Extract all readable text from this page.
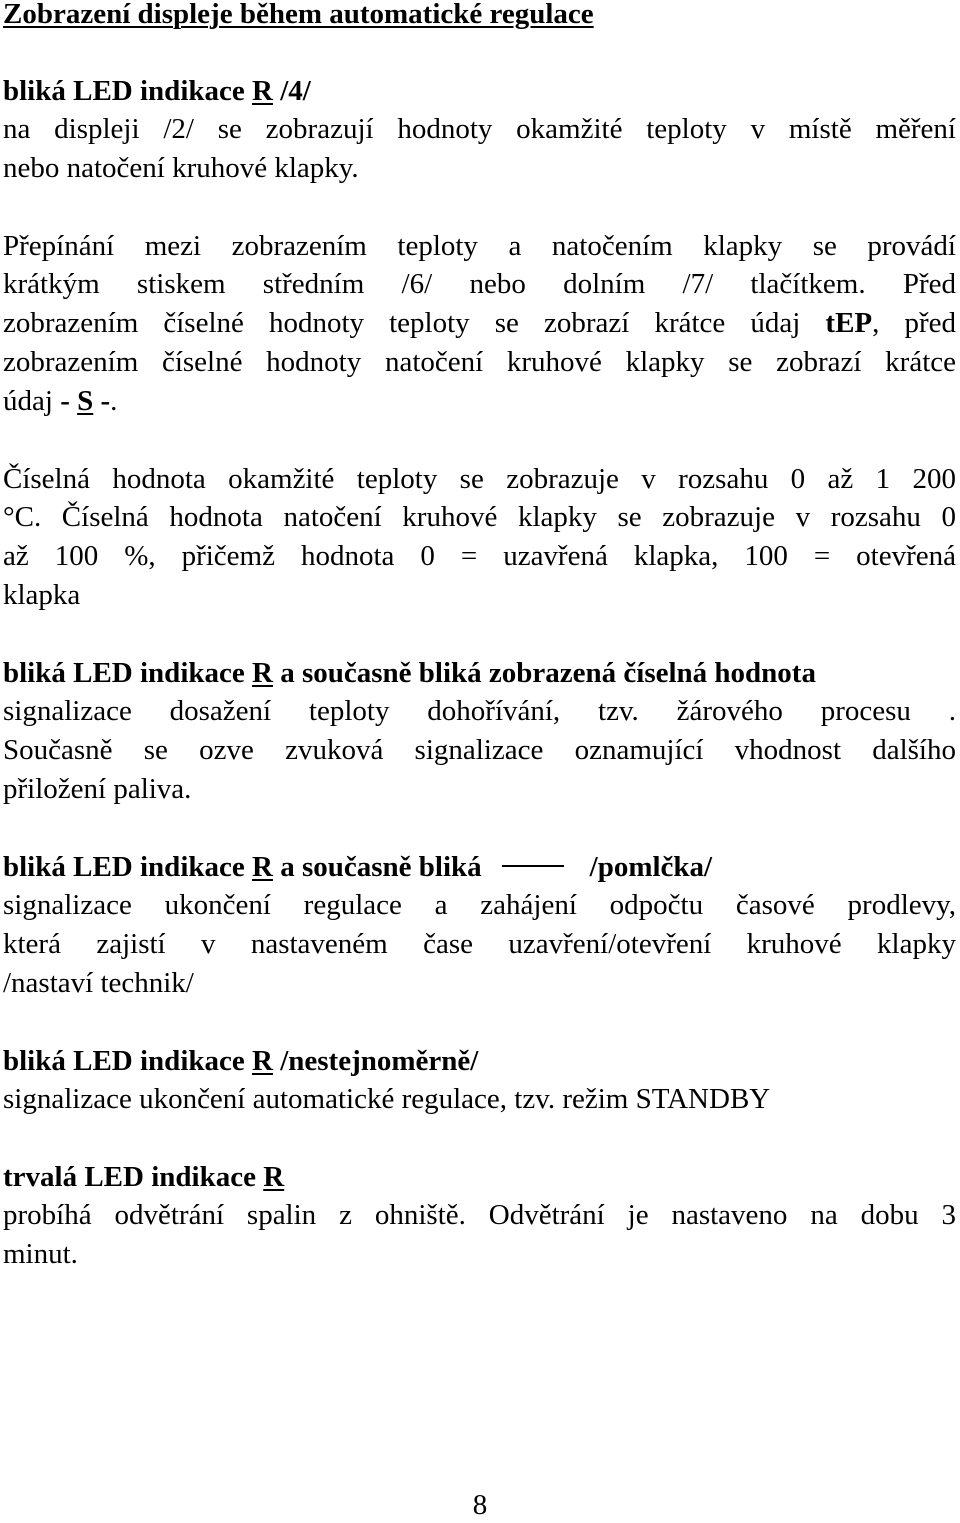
Zobrazení displeje během automatické regulace
bliká LED indikace R /4/
na displeji /2/ se zobrazují hodnoty okamžité teploty v místě měření
nebo natočení kruhové klapky.
Přepínání mezi zobrazením teploty a natočením klapky se provádí
krátkým stiskem středním /6/ nebo dolním /7/ tlačítkem. Před
zobrazením číselné hodnoty teploty se zobrazí krátce údaj tEP, před
zobrazením číselné hodnoty natočení kruhové klapky se zobrazí krátce
údaj - S -.
Číselná hodnota okamžité teploty se zobrazuje v rozsahu 0 až 1 200
°C. Číselná hodnota natočení kruhové klapky se zobrazuje v rozsahu 0
až 100 %, přičemž hodnota 0 = uzavřená klapka, 100 = otevřená
klapka
bliká LED indikace R a současně bliká zobrazená číselná hodnota
signalizace dosažení teploty dohořívání, tzv. žárového procesu .
Současně se ozve zvuková signalizace oznamující vhodnost dalšího
přiložení paliva.
bliká LED indikace R a současně bliká	/pomlčka/
signalizace ukončení regulace a zahájení odpočtu časové prodlevy,
která zajistí v nastaveném čase uzavření/otevření kruhové klapky
/nastaví technik/
bliká LED indikace R /nestejnoměrně/
signalizace ukončení automatické regulace, tzv. režim STANDBY
trvalá LED indikace R
probíhá odvětrání spalin z ohniště. Odvětrání je nastaveno na dobu 3
minut.
8
